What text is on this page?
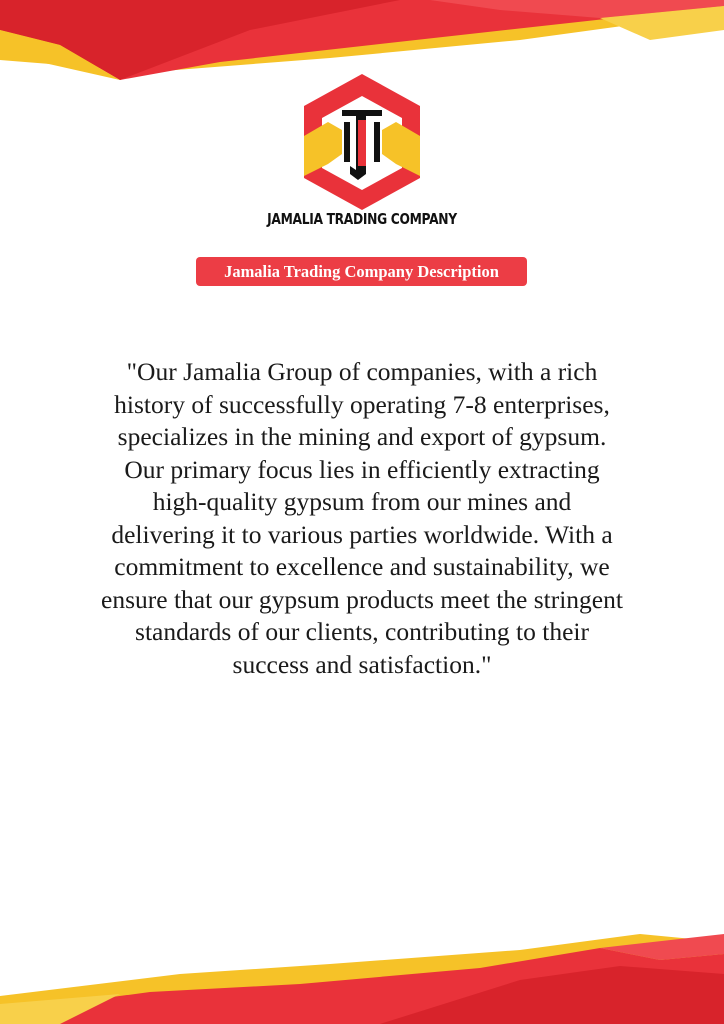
JAMALIA TRADING COMPANY
Jamalia Trading Company Description

"Our Jamalia Group of companies, with a rich history of successfully operating 7-8 enterprises, specializes in the mining and export of gypsum. Our primary focus lies in efficiently extracting high-quality gypsum from our mines and delivering it to various parties worldwide. With a commitment to excellence and sustainability, we ensure that our gypsum products meet the stringent standards of our clients, contributing to their success and satisfaction."
